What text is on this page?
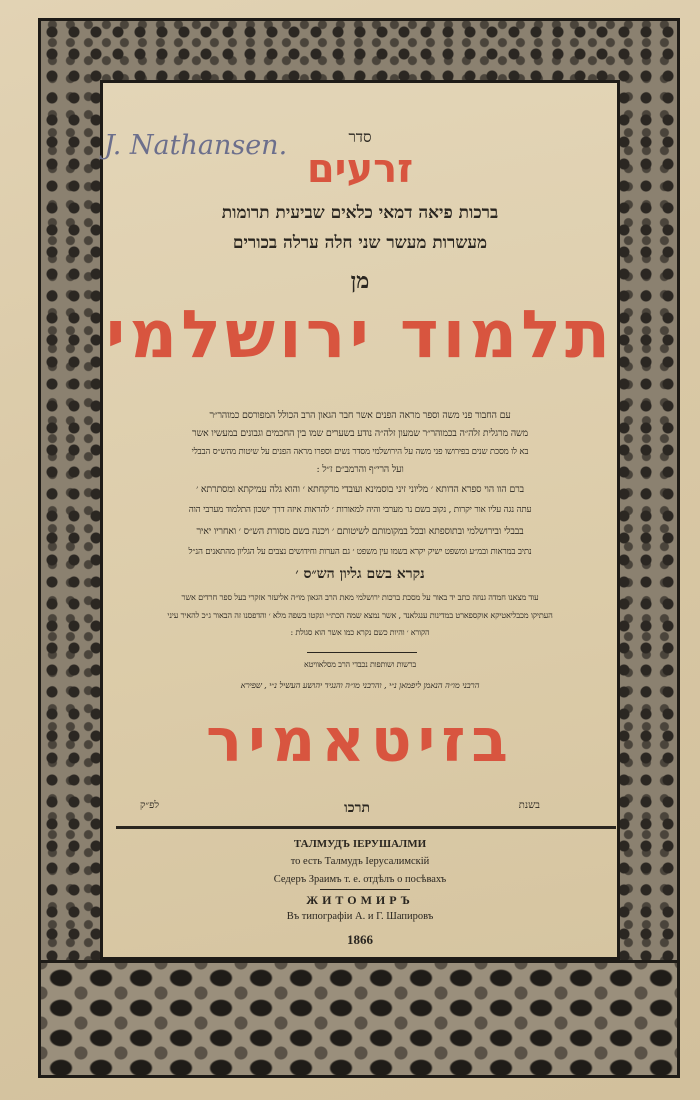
J. Nathansen.	סדר
זרעים
ברכות פיאה דמאי כלאים שביעית תרומות
מעשרות מעשר שני חלה ערלה בכורים
מן
תלמוד ירושלמי
עם החבור פני משה וספר מראה הפנים אשר חבר הגאון הרב הכולל המפורסם כמוהר״ר
משה מרגלית זלה״ה בכמוהר״ר שמעון זלה״ה נודע בשערים שמו בין החכמים וגבונים במעשיו אשר
בא לו מסכת שנים בפירושו פני משה על הירושלמי מסדר נשים וספרו מראה הפנים על שיטות מהש״ס הבבלי
ועל הרי״ף והרמב״ם ז״ל :
ברם הוו הוי ספרא הדותא ׳ מליוני זיני בוסמינא ועובדי מרקחתא ׳ והוא גלה עמיקתא ומסתרתא ׳
עתה נגה עליו אור יקרות , נקוב בשם נר מערבי והיה למאורות ׳ להראות איזה דרך ישכון התלמוד מערבי הוה
בבבלי ובירושלמי ובתוספתא ובכל במקומותם לשיטותם ׳ ויכנה בשם מסורת הש״ס ׳ ואחריו יאיר
נתיב במראות ובמ״ע ומשפט ישיק יקרא בשמו עין משפט ׳ גם הערות וחידושים נצבים על הגליון מהתאנים הנ״ל
נקרא בשם גליון הש״ס ׳
עוד מצאנו חמדה גנוזה כתב יד באור על מסכת ברכות ירושלמי מאת הרב הגאון מו״ה אליעזר אזקרי בעל ספר חרדים אשר
העתיקו מכבליאטיקא אוקספארט במדינות ענגלאנד , אשר נמצא שמה הכת״י ונקטו בשפה מלא ׳ והדפסנו זה הבאור ג״כ להאיר עיני
הקורא ׳ והיות כשם נקרא כמו אשר הוא סגולת :
ברשות ושותפות נכבדי הרב מסלאוויטא
הרבני מו״ה הנאמן ליפמאן נ״י , והרבני מו״ה והנגיד יהושע העשיל נ״י , שפירא
בזיטאמיר
בשנת
תרכו
לפ״ק
ТАЛМУДЪ IЕРУШАЛМИ
то есть Талмудъ Iерусалимскiй
Седеръ Зраимъ т. е. отдѣлъ о посѣвахъ
ЖИТОМИРЪ
Въ типографiи А. и Г. Шапировъ
1866
